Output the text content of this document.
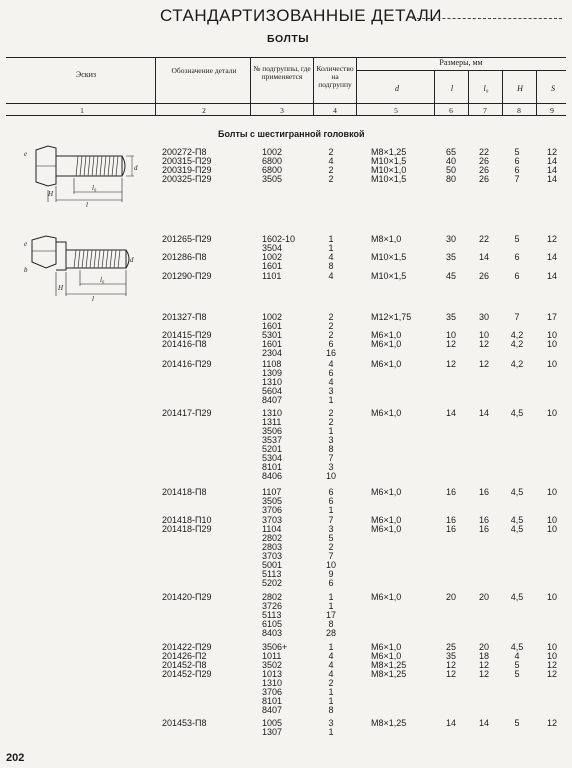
СТАНДАРТИЗОВАННЫЕ ДЕТАЛИ
БОЛТЫ
Эскиз	Обозначение детали	№ подгруппы, где применяется
Количество на подгруппу
Размеры, мм
d	l	l₀	H	S
1	2	3	4	5	6	7	8	9
Болты с шестигранной головкой
e
d
H
l₀
l
e
b
d
H
l₀
l
200272-П8	1002	2	M8×1,25	65	22	5	12
200315-П29	6800	4	M10×1,5	40	26	6	14
200319-П29	6800	2	M10×1,0	50	26	6	14
200325-П29	3505	2	M10×1,5	80	26	7	14
201265-П29	1602-10	1	M8×1,0	30	22	5	12
3504	1
201286-П8	1002	4	M10×1,5	35	14	6	14
1601	8
201290-П29	1101	4	M10×1,5	45	26	6	14
201327-П8	1002	2	M12×1,75	35	30	7	17
1601	2
201415-П29	5301	2	M6×1,0	10	10	4,2	10
201416-П8	1601	6	M6×1,0	12	12	4,2	10
2304	16
201416-П29	1108	4	M6×1,0	12	12	4,2	10
1309	6
1310	4
5604	3
8407	1
201417-П29	1310	2	M6×1,0	14	14	4,5	10
1311	2
3506	1
3537	3
5201	8
5304	7
8101	3
8406	10
201418-П8	1107	6	M6×1,0	16	16	4,5	10
3505	6
3706	1
201418-П10	3703	7	M6×1,0	16	16	4,5	10
201418-П29	1104	3	M6×1,0	16	16	4,5	10
2802	5
2803	2
3703	7
5001	10
5113	9
5202	6
201420-П29	2802	1	M6×1,0	20	20	4,5	10
3726	1
5113	17
6105	8
8403	28
201422-П29	3506+	1	M6×1,0	25	20	4,5	10
201426-П2	1011	4	M6×1,0	35	18	4	10
201452-П8	3502	4	M8×1,25	12	12	5	12
201452-П29	1013	4	M8×1,25	12	12	5	12
1310	2
3706	1
8101	1
8407	8
201453-П8	1005	3	M8×1,25	14	14	5	12
1307	1
202
